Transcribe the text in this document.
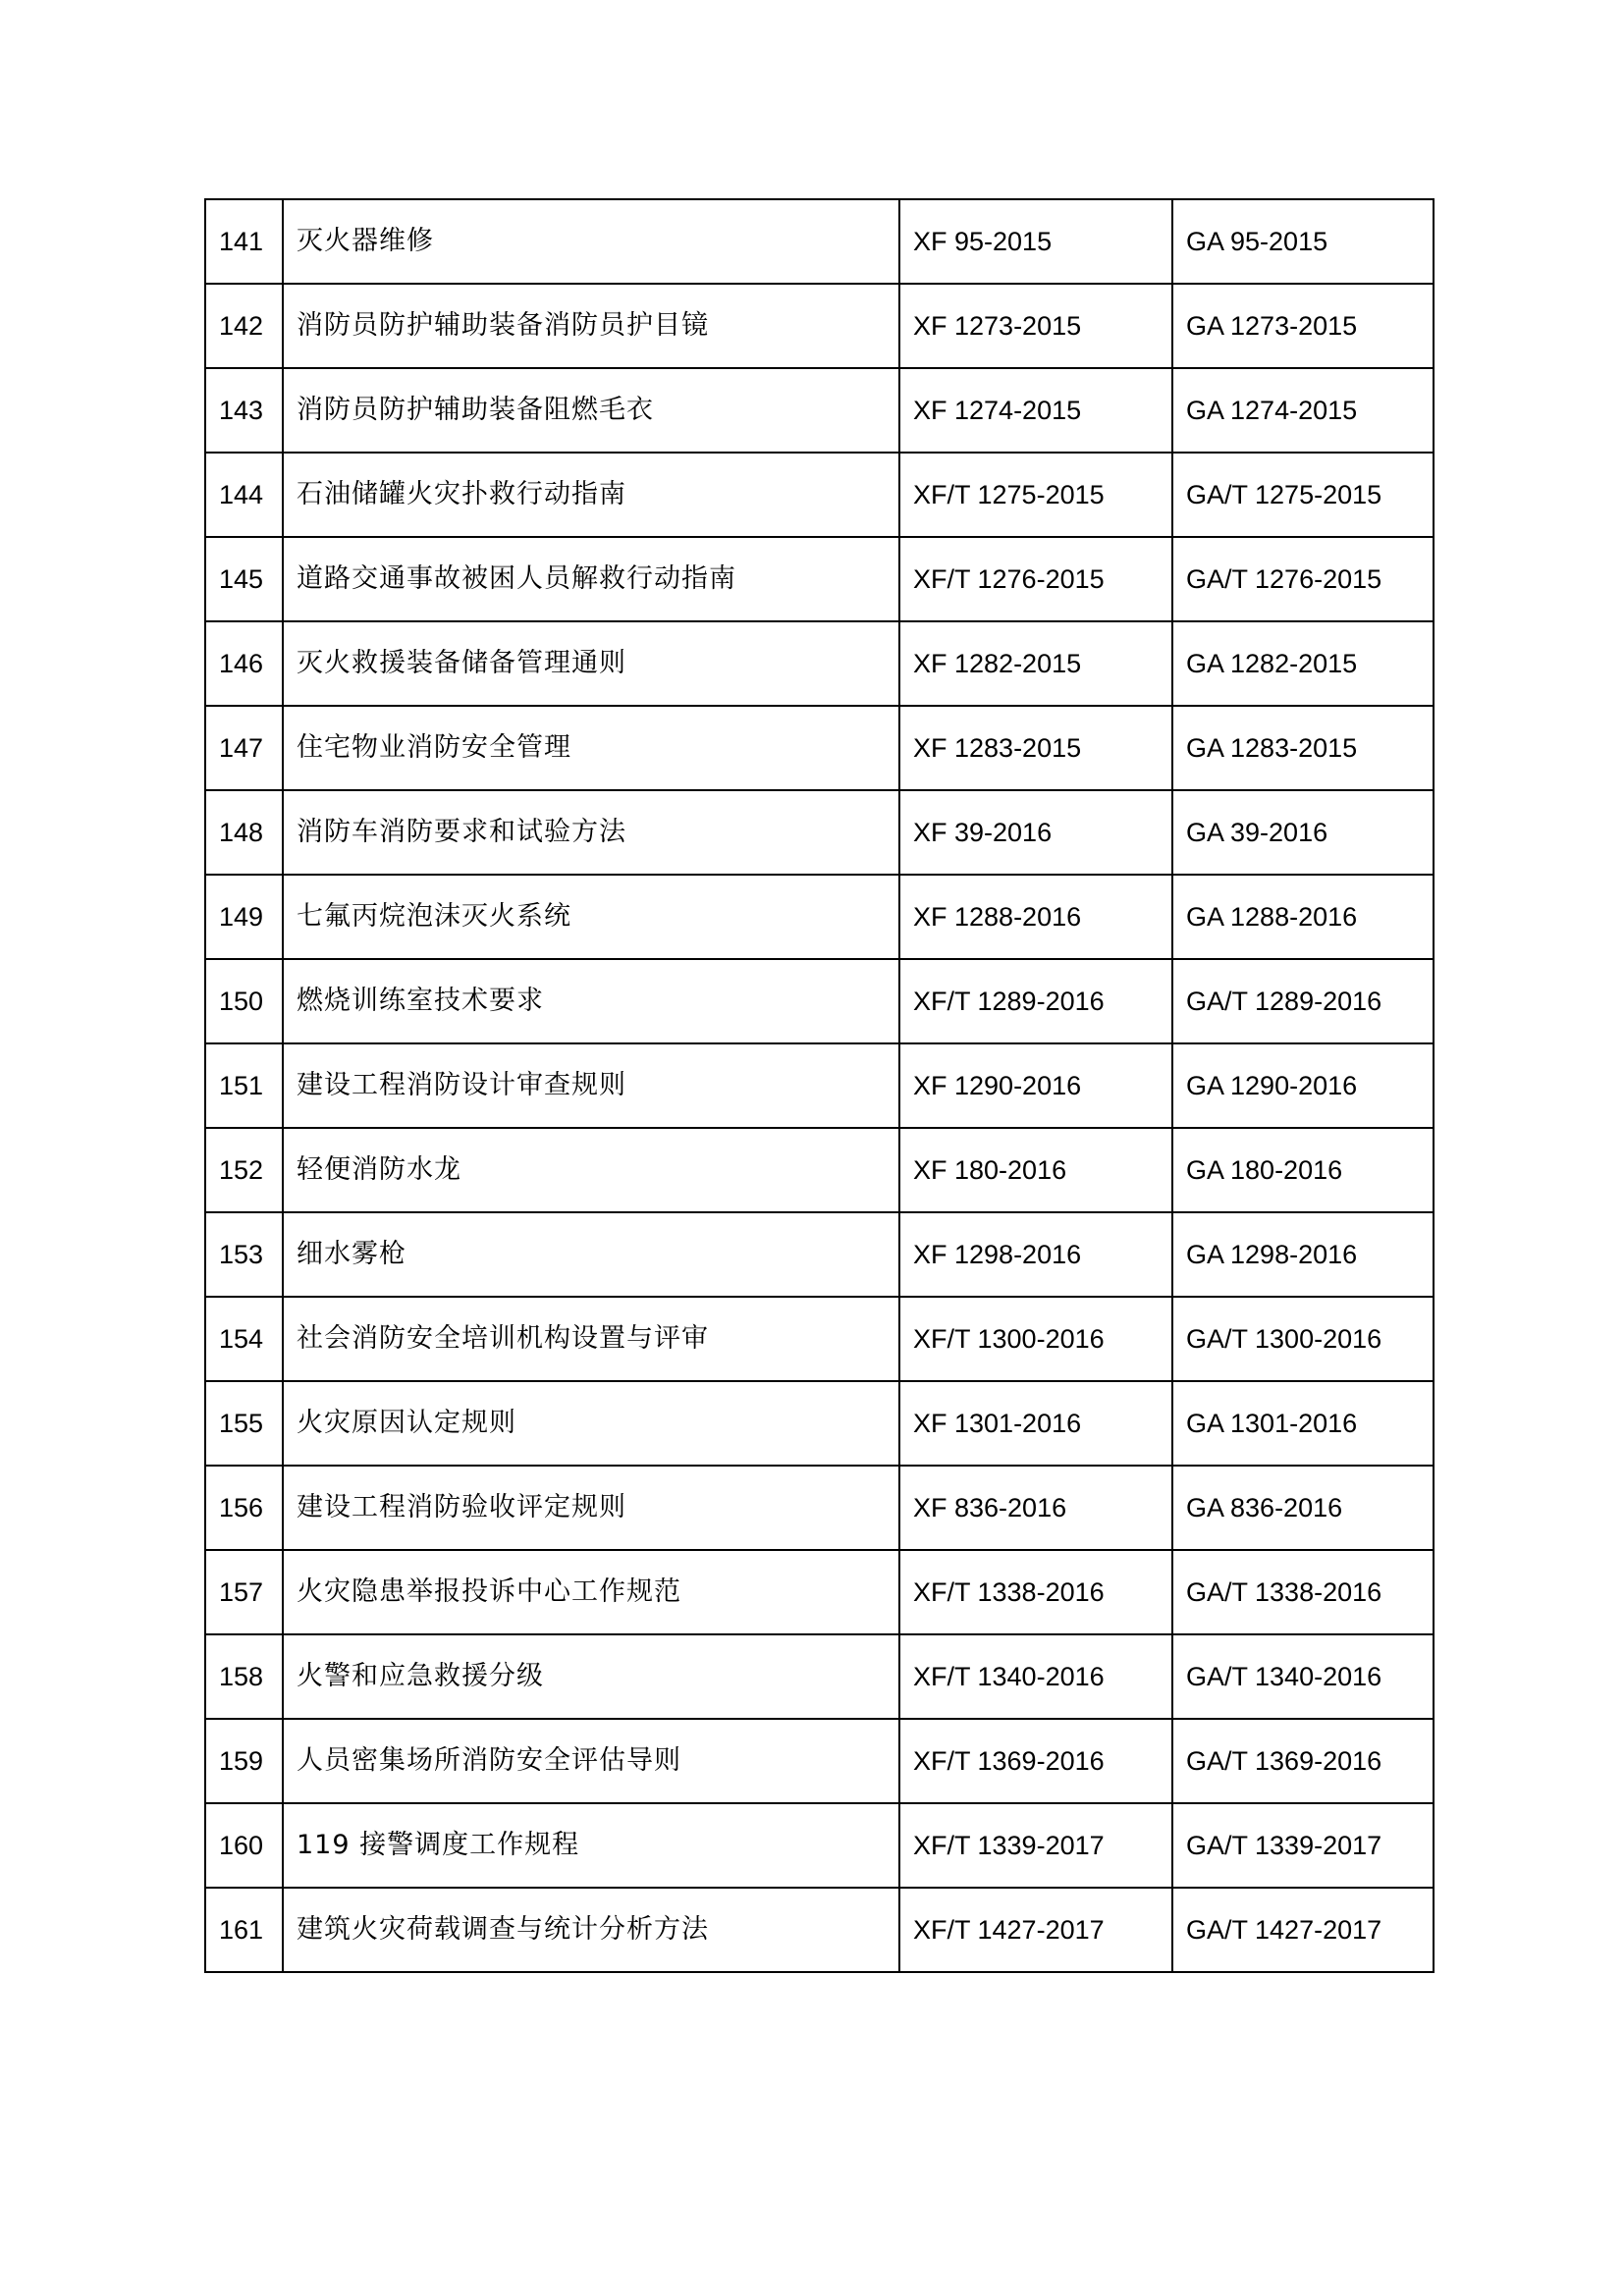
141	灭火器维修	XF 95-2015	GA 95-2015
142	消防员防护辅助装备消防员护目镜	XF 1273-2015	GA 1273-2015
143	消防员防护辅助装备阻燃毛衣	XF 1274-2015	GA 1274-2015
144	石油储罐火灾扑救行动指南	XF/T 1275-2015	GA/T 1275-2015
145	道路交通事故被困人员解救行动指南	XF/T 1276-2015	GA/T 1276-2015
146	灭火救援装备储备管理通则	XF 1282-2015	GA 1282-2015
147	住宅物业消防安全管理	XF 1283-2015	GA 1283-2015
148	消防车消防要求和试验方法	XF 39-2016	GA 39-2016
149	七氟丙烷泡沫灭火系统	XF 1288-2016	GA 1288-2016
150	燃烧训练室技术要求	XF/T 1289-2016	GA/T 1289-2016
151	建设工程消防设计审查规则	XF 1290-2016	GA 1290-2016
152	轻便消防水龙	XF 180-2016	GA 180-2016
153	细水雾枪	XF 1298-2016	GA 1298-2016
154	社会消防安全培训机构设置与评审	XF/T 1300-2016	GA/T 1300-2016
155	火灾原因认定规则	XF 1301-2016	GA 1301-2016
156	建设工程消防验收评定规则	XF 836-2016	GA 836-2016
157	火灾隐患举报投诉中心工作规范	XF/T 1338-2016	GA/T 1338-2016
158	火警和应急救援分级	XF/T 1340-2016	GA/T 1340-2016
159	人员密集场所消防安全评估导则	XF/T 1369-2016	GA/T 1369-2016
160	119 接警调度工作规程	XF/T 1339-2017	GA/T 1339-2017
161	建筑火灾荷载调查与统计分析方法	XF/T 1427-2017	GA/T 1427-2017
